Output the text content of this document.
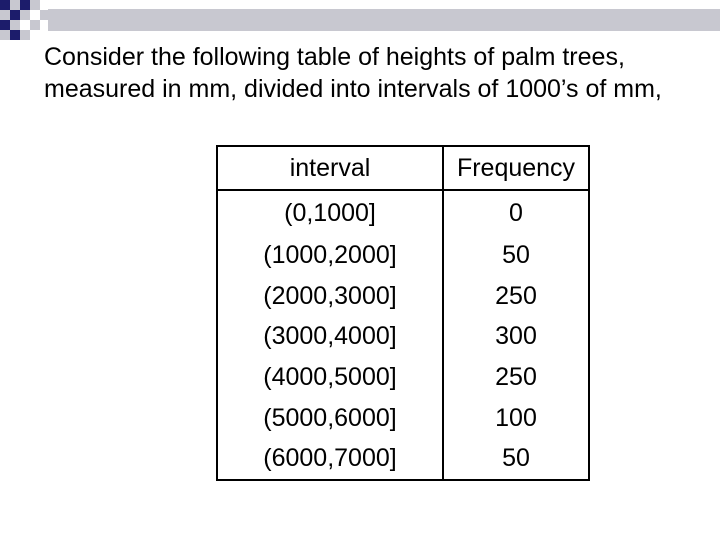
Consider the following table of heights of palm trees, measured in mm, divided into intervals of 1000’s of mm,

interval	Frequency
(0,1000]	0
(1000,2000]	50
(2000,3000]	250
(3000,4000]	300
(4000,5000]	250
(5000,6000]	100
(6000,7000]	50
